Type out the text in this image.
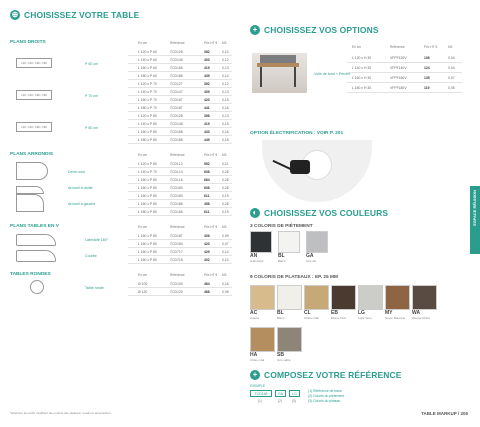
⊕ CHOISISSEZ VOTRE TABLE
PLANS DROITS	En cm	Référence	Prix HT € M3
120 / 140 / 160 / 180	P 60 cm
L 120 x P 60	TCD126	382	0,10
L 140 x P 60	TCD146	403	0,12
L 160 x P 60	TCD166	419	0,13
L 180 x P 60	TCD186	439	0,14
120 / 140 / 160 / 180	P 70 cm
L 120 x P 70	TCD127	392	0,12
L 140 x P 70	TCD147	409	0,13
L 160 x P 70	TCD167	423	0,15
L 180 x P 70	TCD187	441	0,16
120 / 140 / 160 / 180	P 80 cm
L 120 x P 80	TCD128	398	0,13
L 140 x P 80	TCD148	419	0,15
L 160 x P 80	TCD168	433	0,16
L 180 x P 80	TCD188	449	0,18
PLANS ARRONDIS	En cm	Référence	Prix HT € M3
Demi-rond
L 120 x P 80	TCDL12	552	0,11
L 140 x P 70	TCDL14	608	0,26
L 160 x P 80	TCDL16	664	0,26
Arrondi à droite	L 160 x P 80	TCD160	608	0,26
Arrondi à gauche
L 160 x P 80	TCD180	611	0,19
L 160 x P 80	TCD186	458	0,26
L 180 x P 80	TCD166	611	0,19
PLANS TABLES EN V	En cm	Référence	Prix HT € M3
Latéralité 160°
L 160 x P 80	TCD187	406	0,09
L 160 x P 80	TCD184	423	0,07
Courbe
L 160 x P 80	TCD717	429	0,14
L 160 x P 80	TCD718	402	0,10
TABLES RONDES	En cm	Référence	Prix HT € M3
Table ronde
Ø 100	TCD100	464	0,16
Ø 120	TCD120	468	0,06
*Attention les tarifs modifient des coloris des plateaux / pieds et accessoires.
+ CHOISISSEZ VOS OPTIONS
En cm	Référence	Prix HT €	M3
Voile de fond + Perche
L 120 x H 30	VFPF120V	106	0,04
L 140 x H 30	VFPF140V	124	0,04
L 160 x H 30	VFPF160V	135	0,07
L 180 x H 30	VFPF180V	119	0,05
OPTION ÉLECTRIFICATION : VOIR P. 201
◐ CHOISISSEZ VOS COULEURS
3 COLORIS DE PIÈTEMENT
AN
Anthracite
BL
Blanc
GA
Gris alu
9 COLORIS DE PLATEAUX : EP. 25 MM
AC
Acacia
BL
Blanc
CL
Chêne clair
EB
Ébène Nuit
LG
Light Grey
MY
Noyer Baroque
WA
Wenge Africa
HA
Chêne Hal.
SB
Gris sable
+ COMPOSEZ VOTRE RÉFÉRENCE
EXEMPLE
TCD148	GA	LG
(1)	(2)	(3)
(1) Référence de base
(2) Coloris du piètement
(3) Coloris du plateau
ESPACE RÉUNION
TABLE MARKUP / 205
